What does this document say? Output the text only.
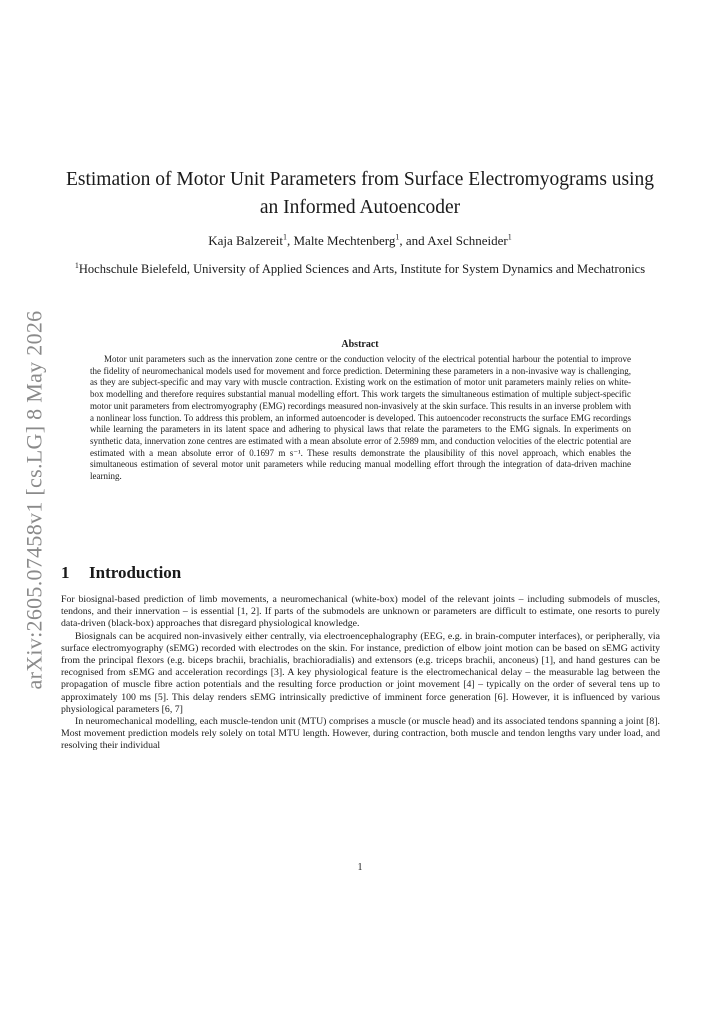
arXiv:2605.07458v1 [cs.LG] 8 May 2026
Estimation of Motor Unit Parameters from Surface Electromyograms using an Informed Autoencoder
Kaja Balzereit$^1$, Malte Mechtenberg$^1$, and Axel Schneider$^1$
$^1$Hochschule Bielefeld, University of Applied Sciences and Arts, Institute for System Dynamics and Mechatronics
Abstract

Motor unit parameters such as the innervation zone centre or the conduction velocity of the electrical potential harbour the potential to improve the fidelity of neuromechanical models used for movement and force prediction. Determining these parameters in a non-invasive way is challenging, as they are subject-specific and may vary with muscle contraction. Existing work on the estimation of motor unit parameters mainly relies on white-box modelling and therefore requires substantial manual modelling effort. This work targets the simultaneous estimation of multiple subject-specific motor unit parameters from electromyography (EMG) recordings measured non-invasively at the skin surface. This results in an inverse problem with a nonlinear loss function. To address this problem, an informed autoencoder is developed. This autoencoder reconstructs the surface EMG recordings while learning the parameters in its latent space and adhering to physical laws that relate the parameters to the EMG signals. In experiments on synthetic data, innervation zone centres are estimated with a mean absolute error of 2.5989 mm, and conduction velocities of the electric potential are estimated with a mean absolute error of 0.1697 m s⁻¹. These results demonstrate the plausibility of this novel approach, which enables the simultaneous estimation of several motor unit parameters while reducing manual modelling effort through the integration of data-driven machine learning.

1 Introduction

For biosignal-based prediction of limb movements, a neuromechanical (white-box) model of the relevant joints – including submodels of muscles, tendons, and their innervation – is essential [1, 2]. If parts of the submodels are unknown or parameters are difficult to estimate, one resorts to purely data-driven (black-box) approaches that disregard physiological knowledge.

Biosignals can be acquired non-invasively either centrally, via electroencephalography (EEG, e.g. in brain-computer interfaces), or peripherally, via surface electromyography (sEMG) recorded with electrodes on the skin. For instance, prediction of elbow joint motion can be based on sEMG activity from the principal flexors (e.g. biceps brachii, brachialis, brachioradialis) and extensors (e.g. triceps brachii, anconeus) [1], and hand gestures can be recognised from sEMG and acceleration recordings [3]. A key physiological feature is the electromechanical delay – the measurable lag between the propagation of muscle fibre action potentials and the resulting force production or joint movement [4] – typically on the order of several tens up to approximately 100 ms [5]. This delay renders sEMG intrinsically predictive of imminent force generation [6]. However, it is influenced by various physiological parameters [6, 7]

In neuromechanical modelling, each muscle-tendon unit (MTU) comprises a muscle (or muscle head) and its associated tendons spanning a joint [8]. Most movement prediction models rely solely on total MTU length. However, during contraction, both muscle and tendon lengths vary under load, and resolving their individual

1
